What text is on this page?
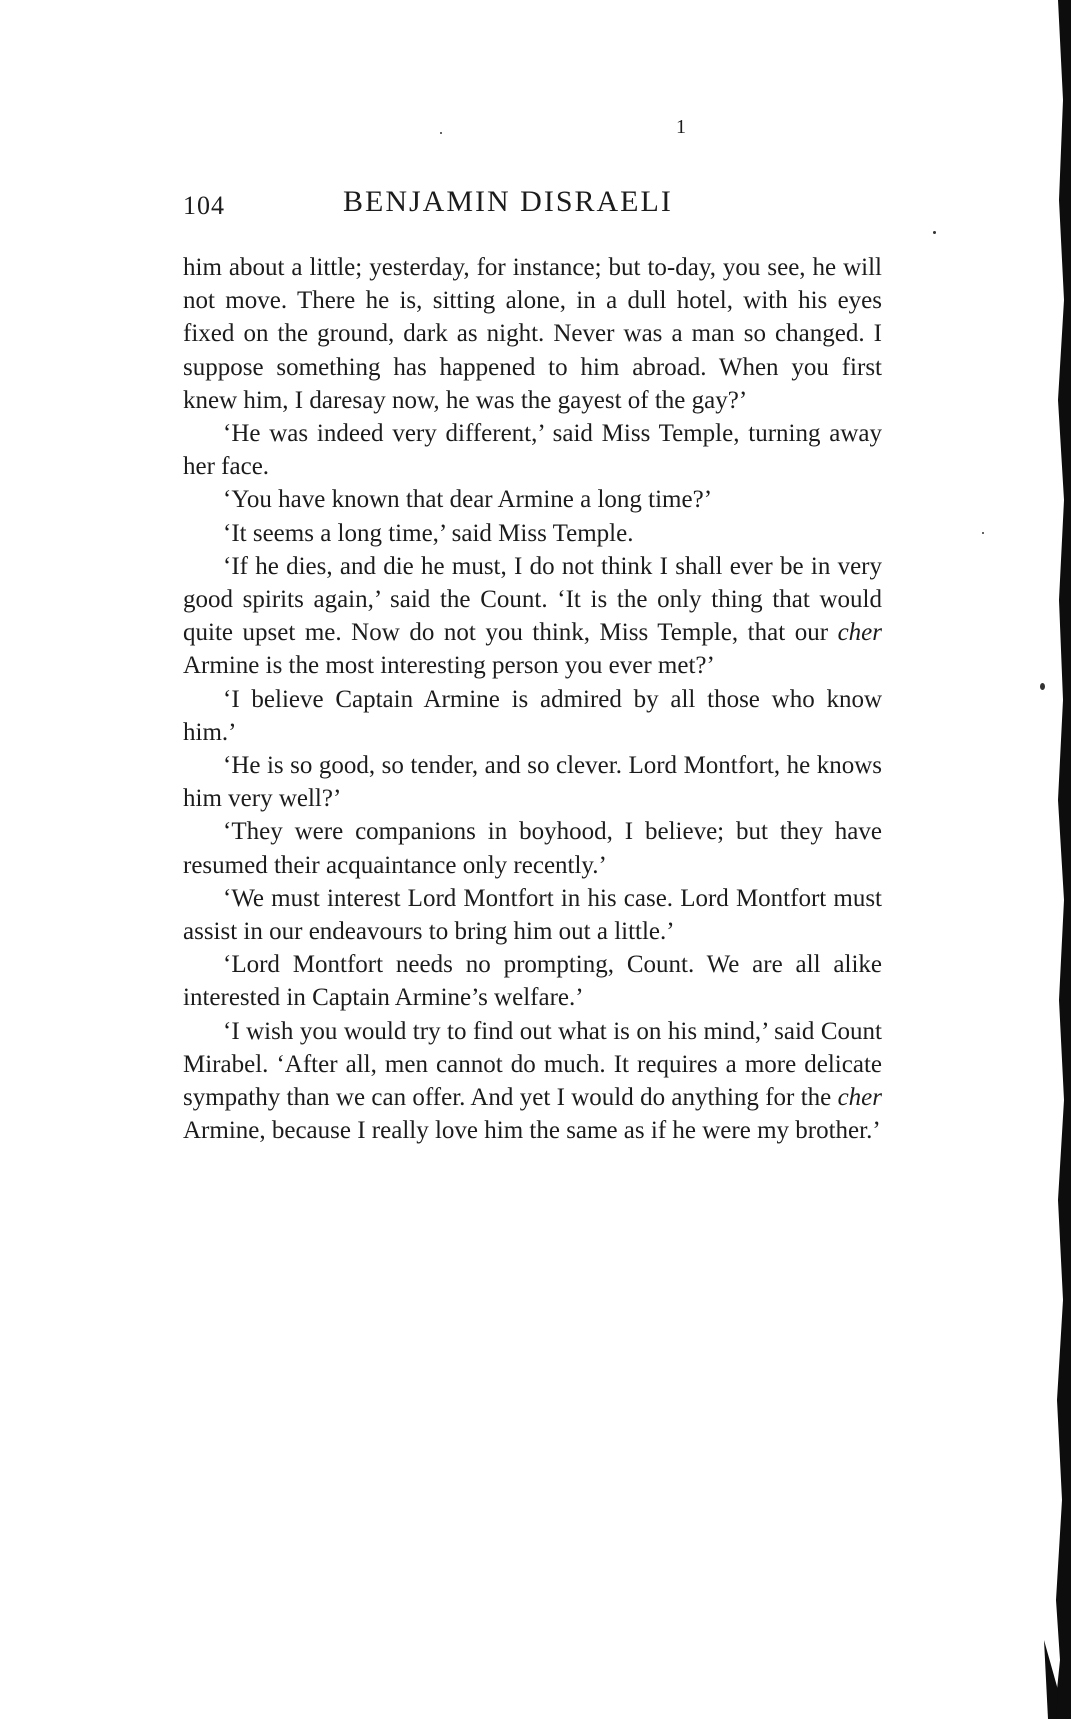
1
104	BENJAMIN DISRAELI

him about a little; yesterday, for instance; but to-day, you see, he will not move. There he is, sitting alone, in a dull hotel, with his eyes fixed on the ground, dark as night. Never was a man so changed. I suppose something has happened to him abroad. When you first knew him, I daresay now, he was the gayest of the gay?’

‘He was indeed very different,’ said Miss Temple, turning away her face.

‘You have known that dear Armine a long time?’

‘It seems a long time,’ said Miss Temple.

‘If he dies, and die he must, I do not think I shall ever be in very good spirits again,’ said the Count. ‘It is the only thing that would quite upset me. Now do not you think, Miss Temple, that our cher Armine is the most interesting person you ever met?’

‘I believe Captain Armine is admired by all those who know him.’

‘He is so good, so tender, and so clever. Lord Montfort, he knows him very well?’

‘They were companions in boyhood, I believe; but they have resumed their acquaintance only recently.’

‘We must interest Lord Montfort in his case. Lord Montfort must assist in our endeavours to bring him out a little.’

‘Lord Montfort needs no prompting, Count. We are all alike interested in Captain Armine’s welfare.’

‘I wish you would try to find out what is on his mind,’ said Count Mirabel. ‘After all, men cannot do much. It requires a more delicate sympathy than we can offer. And yet I would do anything for the cher Armine, because I really love him the same as if he were my brother.’
